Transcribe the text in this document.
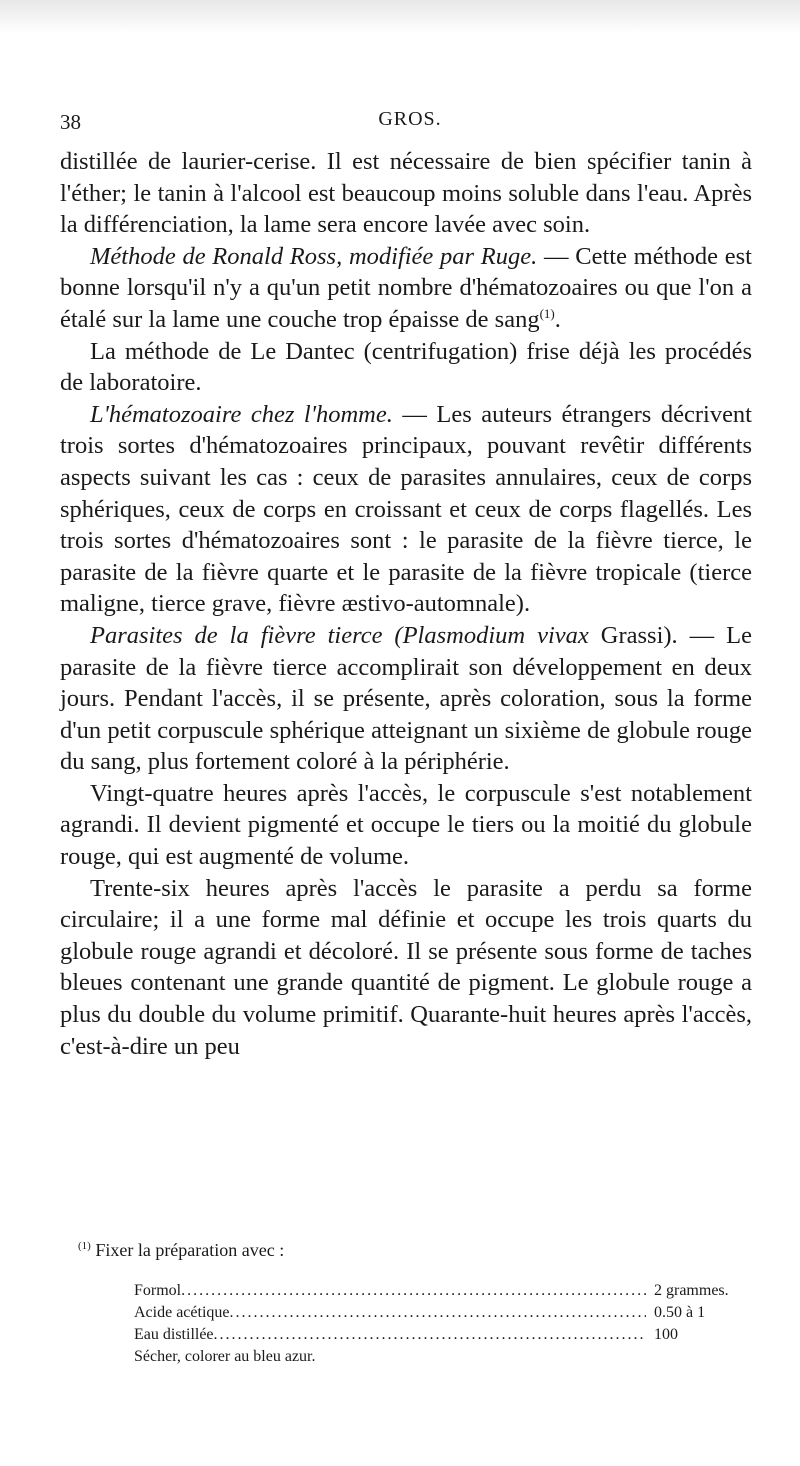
38	GROS.

distillée de laurier-cerise. Il est nécessaire de bien spécifier tanin à l'éther; le tanin à l'alcool est beaucoup moins soluble dans l'eau. Après la différenciation, la lame sera encore lavée avec soin.

Méthode de Ronald Ross, modifiée par Ruge. — Cette méthode est bonne lorsqu'il n'y a qu'un petit nombre d'hématozoaires ou que l'on a étalé sur la lame une couche trop épaisse de sang$^{(1)}$.

La méthode de Le Dantec (centrifugation) frise déjà les procédés de laboratoire.

L'hématozoaire chez l'homme. — Les auteurs étrangers décrivent trois sortes d'hématozoaires principaux, pouvant revêtir différents aspects suivant les cas : ceux de parasites annulaires, ceux de corps sphériques, ceux de corps en croissant et ceux de corps flagellés. Les trois sortes d'hématozoaires sont : le parasite de la fièvre tierce, le parasite de la fièvre quarte et le parasite de la fièvre tropicale (tierce maligne, tierce grave, fièvre æstivo-automnale).

Parasites de la fièvre tierce (Plasmodium vivax Grassi). — Le parasite de la fièvre tierce accomplirait son développement en deux jours. Pendant l'accès, il se présente, après coloration, sous la forme d'un petit corpuscule sphérique atteignant un sixième de globule rouge du sang, plus fortement coloré à la périphérie.

Vingt-quatre heures après l'accès, le corpuscule s'est notablement agrandi. Il devient pigmenté et occupe le tiers ou la moitié du globule rouge, qui est augmenté de volume.

Trente-six heures après l'accès le parasite a perdu sa forme circulaire; il a une forme mal définie et occupe les trois quarts du globule rouge agrandi et décoloré. Il se présente sous forme de taches bleues contenant une grande quantité de pigment. Le globule rouge a plus du double du volume primitif. Quarante-huit heures après l'accès, c'est-à-dire un peu

$^{(1)}$ Fixer la préparation avec :
Formol .....	2 grammes.
Acide acétique .....	0.50 à 1
Eau distillée .....	100
Sécher, colorer au bleu azur.
